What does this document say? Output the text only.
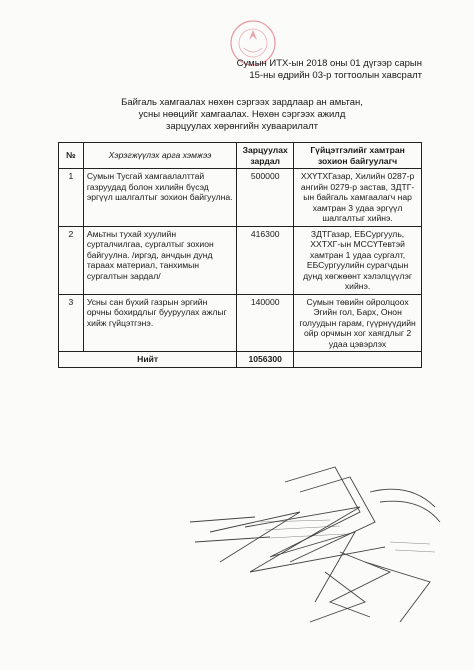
Сумын ИТХ-ын 2018 оны 01 дүгээр сарын
15-ны өдрийн 03-р тогтоолын хавсралт
Байгаль хамгаалах нөхөн сэргээх зардлаар ан амьтан,
усны нөөцийг хамгаалах. Нөхөн сэргээх ажилд
зарцуулах хөрөнгийн хуваарилалт
№	Хэрэгжүүлэх арга хэмжээ	Зарцуулах зардал	Гүйцэтгэлийг хамтран зохион байгуулагч
1	Сумын Тусгай хамгаалалттай газруудад болон хилийн бүсэд эргүүл шалгалтыг зохион байгуулна.	500000	ХХҮТХГазар, Хилийн 0287-р ангийн 0279-р застав, ЗДТГ-ын байгаль хамгаалагч нар хамтран 3 удаа эргүүл шалгалтыг хийнэ.
2	Амьтны тухай хуулийн сурталчилгаа, сургалтыг зохион байгуулна. /иргэд, анчдын дунд тараах материал, танхимын сургалтын зардал/	416300	ЗДТГазар, ЕБСургууль, ХХТХГ-ын МССҮТевтэй хамтран 1 удаа сургалт, ЕБСургуулийн сурагчдын дунд хөгжөөнт хэлэлцүүлэг хийнэ.
3	Усны сан бүхий газрын эргийн орчны бохирдлыг бууруулах ажлыг хийж гүйцэтгэнэ.	140000	Сумын төвийн ойролцоох Эгийн гол, Барх, Онон голуудын гарам, гүүрнүүдийн ойр орчмын хог хаягдлыг 2 удаа цэвэрлэх
Нийт		1056300	
